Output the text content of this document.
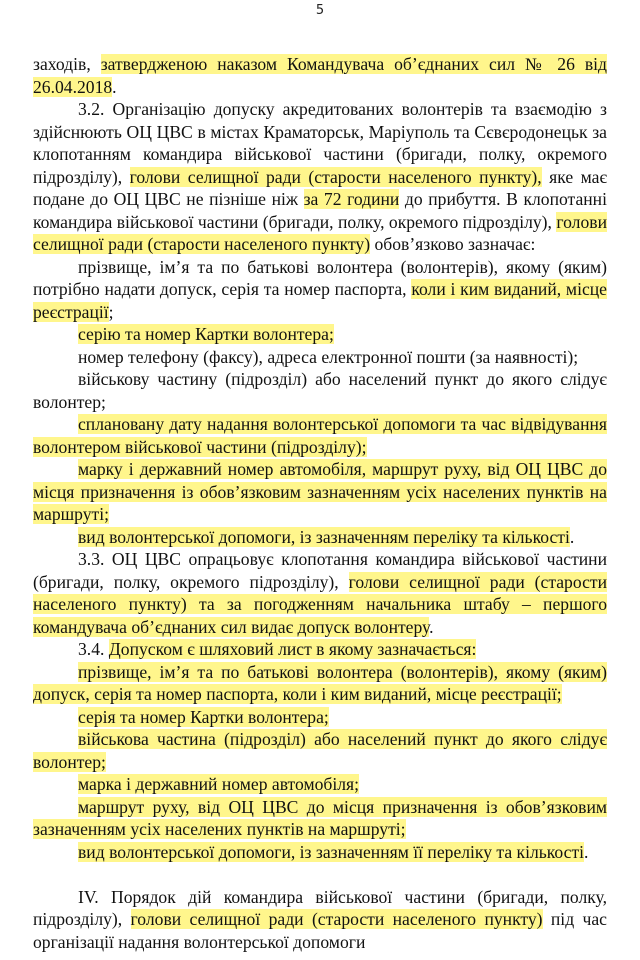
5
заходів, затвердженою наказом Командувача об’єднаних сил № 26 від
26.04.2018.
3.2. Організацію допуску акредитованих волонтерів та взаємодію з
здійснюють ОЦ ЦВС в містах Краматорськ, Маріуполь та Сєвєродонецьк за
клопотанням командира військової частини (бригади, полку, окремого
підрозділу), голови селищної ради (старости населеного пункту), яке має
подане до ОЦ ЦВС не пізніше ніж за 72 години до прибуття. В клопотанні
командира військової частини (бригади, полку, окремого підрозділу), голови
селищної ради (старости населеного пункту) обов’язково зазначає:
прізвище, ім’я та по батькові волонтера (волонтерів), якому (яким)
потрібно надати допуск, серія та номер паспорта, коли і ким виданий, місце
реєстрації;
серію та номер Картки волонтера;
номер телефону (факсу), адреса електронної пошти (за наявності);
військову частину (підрозділ) або населений пункт до якого слідує
волонтер;
сплановану дату надання волонтерської допомоги та час відвідування
волонтером військової частини (підрозділу);
марку і державний номер автомобіля, маршрут руху, від ОЦ ЦВС до
місця призначення із обов’язковим зазначенням усіх населених пунктів на
маршруті;
вид волонтерської допомоги, із зазначенням переліку та кількості.
3.3. ОЦ ЦВС опрацьовує клопотання командира військової частини
(бригади, полку, окремого підрозділу), голови селищної ради (старости
населеного пункту) та за погодженням начальника штабу – першого
командувача об’єднаних сил видає допуск волонтеру.
3.4. Допуском є шляховий лист в якому зазначається:
прізвище, ім’я та по батькові волонтера (волонтерів), якому (яким)
допуск, серія та номер паспорта, коли і ким виданий, місце реєстрації;
серія та номер Картки волонтера;
військова частина (підрозділ) або населений пункт до якого слідує
волонтер;
марка і державний номер автомобіля;
маршрут руху, від ОЦ ЦВС до місця призначення із обов’язковим
зазначенням усіх населених пунктів на маршруті;
вид волонтерської допомоги, із зазначенням її переліку та кількості.
IV. Порядок дій командира військової частини (бригади, полку,
підрозділу), голови селищної ради (старости населеного пункту) під час
організації надання волонтерської допомоги
